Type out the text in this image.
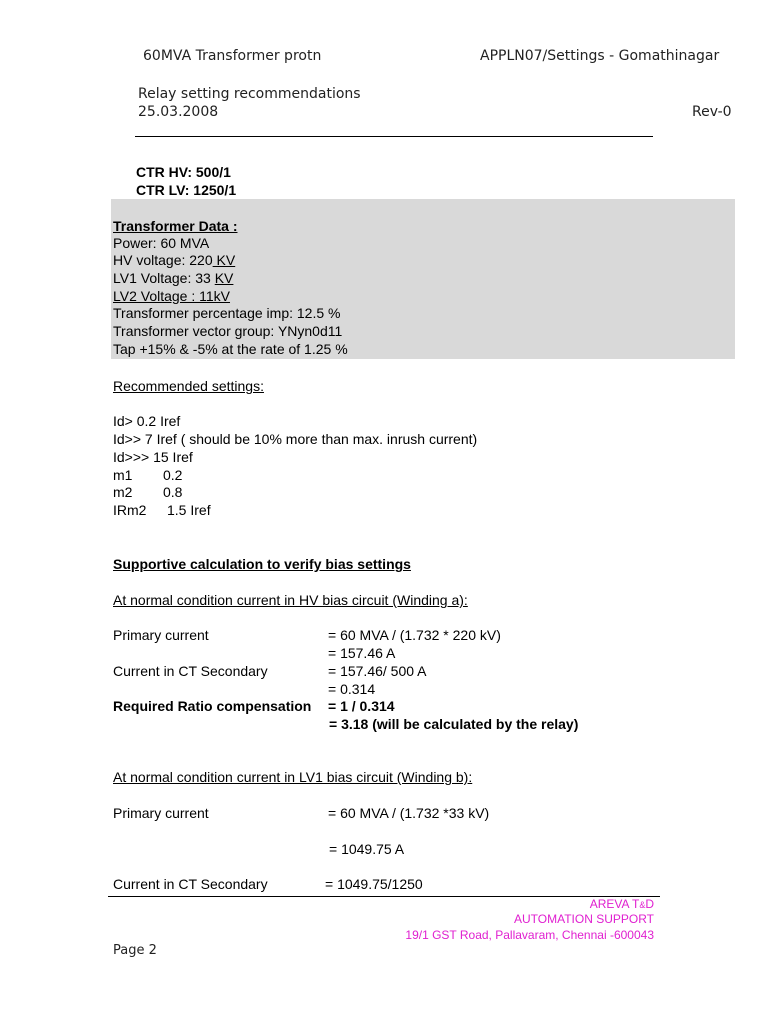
60MVA Transformer protn	APPLN07/Settings - Gomathinagar
Relay setting recommendations
25.03.2008	Rev-0
CTR HV: 500/1
CTR LV: 1250/1
Transformer Data :
Power: 60 MVA
HV voltage: 220 KV
LV1 Voltage: 33 KV
LV2 Voltage : 11kV
Transformer percentage imp: 12.5 %
Transformer vector group: YNyn0d11
Tap +15% & -5% at the rate of 1.25 %
Recommended settings:
Id> 0.2 Iref
Id>> 7 Iref ( should be 10% more than max. inrush current)
Id>>> 15 Iref
m1 0.2
m2 0.8
IRm2 1.5 Iref
Supportive calculation to verify bias settings
At normal condition current in HV bias circuit (Winding a):
Primary current	= 60 MVA / (1.732 * 220 kV)
= 157.46 A
Current in CT Secondary	= 157.46/ 500 A
= 0.314
Required Ratio compensation = 1 / 0.314
= 3.18 (will be calculated by the relay)
At normal condition current in LV1 bias circuit (Winding b):
Primary current	= 60 MVA / (1.732 *33 kV)
= 1049.75 A
Current in CT Secondary	= 1049.75/1250
AREVA T&D
AUTOMATION SUPPORT
19/1 GST Road, Pallavaram, Chennai -600043
Page 2
